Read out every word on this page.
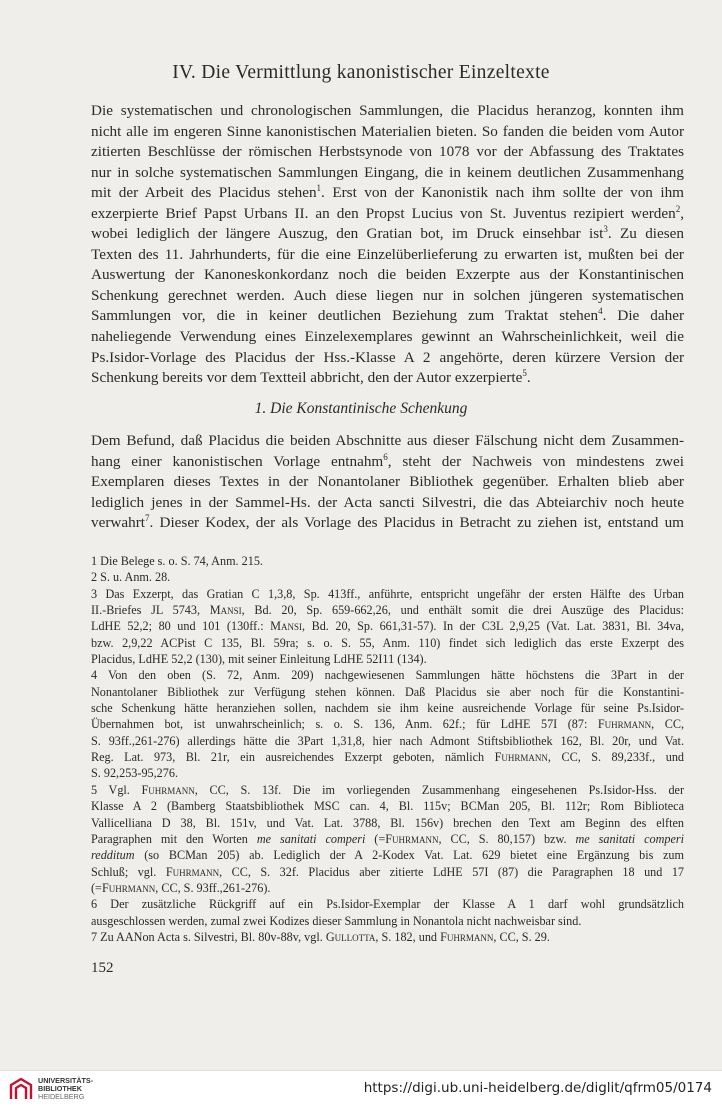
IV. Die Vermittlung kanonistischer Einzeltexte

Die systematischen und chronologischen Sammlungen, die Placidus heranzog, konnten ihm
nicht alle im engeren Sinne kanonistischen Materialien bieten. So fanden die beiden vom Autor
zitierten Beschlüsse der römischen Herbstsynode von 1078 vor der Abfassung des Traktates
nur in solche systematischen Sammlungen Eingang, die in keinem deutlichen Zusammenhang
mit der Arbeit des Placidus stehen$^1$. Erst von der Kanonistik nach ihm sollte der von ihm
exzerpierte Brief Papst Urbans II. an den Propst Lucius von St. Juventus rezipiert werden$^2$,
wobei lediglich der längere Auszug, den Gratian bot, im Druck einsehbar ist$^3$. Zu diesen
Texten des 11. Jahrhunderts, für die eine Einzelüberlieferung zu erwarten ist, mußten bei der
Auswertung der Kanoneskonkordanz noch die beiden Exzerpte aus der Konstantinischen
Schenkung gerechnet werden. Auch diese liegen nur in solchen jüngeren systematischen
Sammlungen vor, die in keiner deutlichen Beziehung zum Traktat stehen$^4$. Die daher
naheliegende Verwendung eines Einzelexemplares gewinnt an Wahrscheinlichkeit, weil die
Ps.Isidor-Vorlage des Placidus der Hss.-Klasse A 2 angehörte, deren kürzere Version der
Schenkung bereits vor dem Textteil abbricht, den der Autor exzerpierte$^5$.

1. Die Konstantinische Schenkung

Dem Befund, daß Placidus die beiden Abschnitte aus dieser Fälschung nicht dem Zusammen-
hang einer kanonistischen Vorlage entnahm$^6$, steht der Nachweis von mindestens zwei
Exemplaren dieses Textes in der Nonantolaner Bibliothek gegenüber. Erhalten blieb aber
lediglich jenes in der Sammel-Hs. der Acta sancti Silvestri, die das Abteiarchiv noch heute
verwahrt$^7$. Dieser Kodex, der als Vorlage des Placidus in Betracht zu ziehen ist, entstand um

1 Die Belege s. o. S. 74, Anm. 215.

2 S. u. Anm. 28.

3 Das Exzerpt, das Gratian C 1,3,8, Sp. 413ff., anführte, entspricht ungefähr der ersten Hälfte des Urban
II.-Briefes JL 5743, Mansi, Bd. 20, Sp. 659-662,26, und enthält somit die drei Auszüge des Placidus:
LdHE 52,2; 80 und 101 (130ff.: Mansi, Bd. 20, Sp. 661,31-57). In der C3L 2,9,25 (Vat. Lat. 3831, Bl. 34va,
bzw. 2,9,22 ACPist C 135, Bl. 59ra; s. o. S. 55, Anm. 110) findet sich lediglich das erste Exzerpt des
Placidus, LdHE 52,2 (130), mit seiner Einleitung LdHE 52I11 (134).

4 Von den oben (S. 72, Anm. 209) nachgewiesenen Sammlungen hätte höchstens die 3Part in der
Nonantolaner Bibliothek zur Verfügung stehen können. Daß Placidus sie aber noch für die Konstantini-
sche Schenkung hätte heranziehen sollen, nachdem sie ihm keine ausreichende Vorlage für seine Ps.Isidor-
Übernahmen bot, ist unwahrscheinlich; s. o. S. 136, Anm. 62f.; für LdHE 57I (87: Fuhrmann, CC,
S. 93ff.,261-276) allerdings hätte die 3Part 1,31,8, hier nach Admont Stiftsbibliothek 162, Bl. 20r, und Vat.
Reg. Lat. 973, Bl. 21r, ein ausreichendes Exzerpt geboten, nämlich Fuhrmann, CC, S. 89,233f., und
S. 92,253-95,276.

5 Vgl. Fuhrmann, CC, S. 13f. Die im vorliegenden Zusammenhang eingesehenen Ps.Isidor-Hss. der
Klasse A 2 (Bamberg Staatsbibliothek MSC can. 4, Bl. 115v; BCMan 205, Bl. 112r; Rom Biblioteca
Vallicelliana D 38, Bl. 151v, und Vat. Lat. 3788, Bl. 156v) brechen den Text am Beginn des elften
Paragraphen mit den Worten me sanitati comperi (=Fuhrmann, CC, S. 80,157) bzw. me sanitati comperi
redditum (so BCMan 205) ab. Lediglich der A 2-Kodex Vat. Lat. 629 bietet eine Ergänzung bis zum
Schluß; vgl. Fuhrmann, CC, S. 32f. Placidus aber zitierte LdHE 57I (87) die Paragraphen 18 und 17
(=Fuhrmann, CC, S. 93ff.,261-276).

6 Der zusätzliche Rückgriff auf ein Ps.Isidor-Exemplar der Klasse A 1 darf wohl grundsätzlich
ausgeschlossen werden, zumal zwei Kodizes dieser Sammlung in Nonantola nicht nachweisbar sind.

7 Zu AANon Acta s. Silvestri, Bl. 80v-88v, vgl. Gullotta, S. 182, und Fuhrmann, CC, S. 29.

152
UNIVERSITÄTS-
BIBLIOTHEK
HEIDELBERG
https://digi.ub.uni-heidelberg.de/diglit/qfrm05/0174
